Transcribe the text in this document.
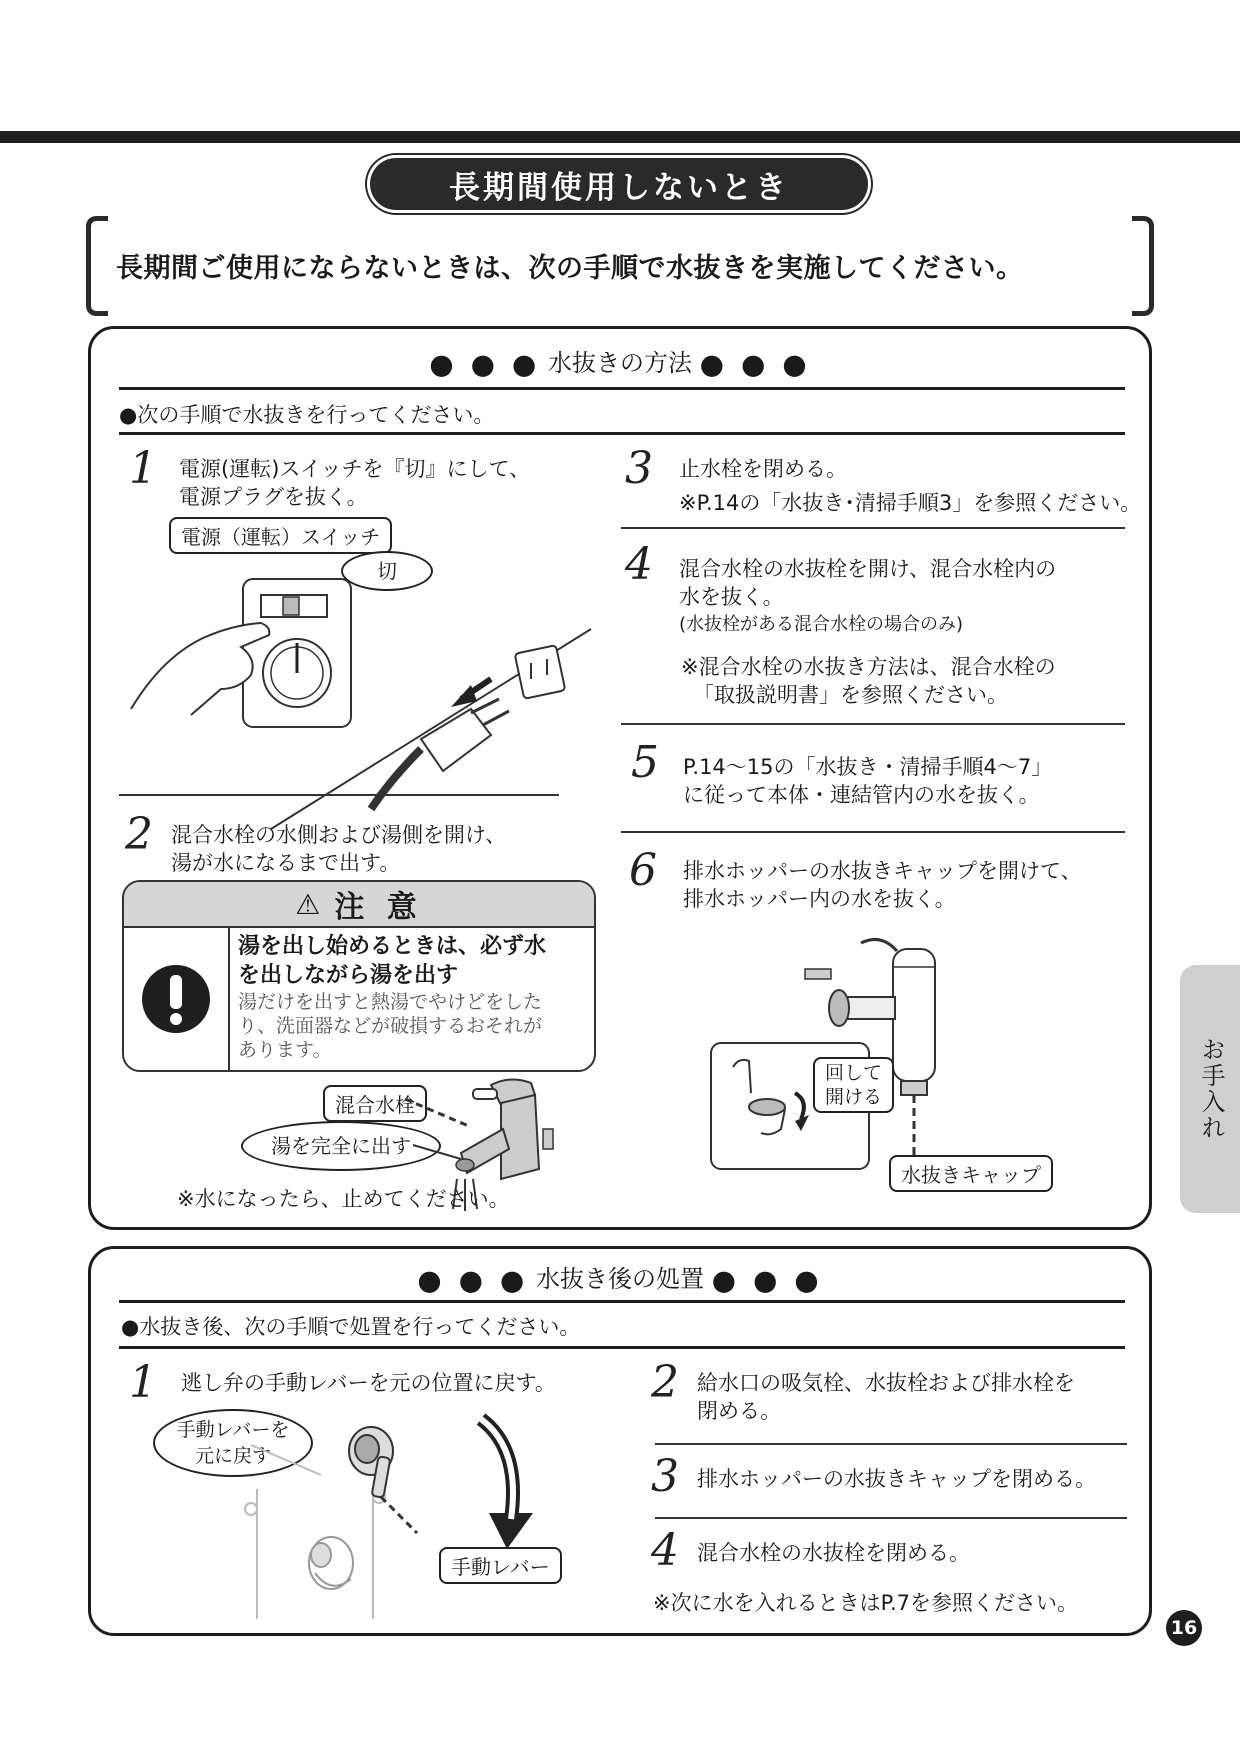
長期間使用しないとき
長期間ご使用にならないときは、次の手順で水抜きを実施してください。
● ● ● 水抜きの方法 ● ● ●
●次の手順で水抜きを行ってください。
1 電源(運転)スイッチを『切』にして、
電源プラグを抜く。
電源（運転）スイッチ
切
2 混合水栓の水側および湯側を開け、
湯が水になるまで出す。
混合水栓
湯を完全に出す
※水になったら、止めてください。
3 止水栓を閉める。
※P.14の「水抜き･清掃手順3」を参照ください。
4 混合水栓の水抜栓を開け、混合水栓内の
水を抜く。
(水抜栓がある混合水栓の場合のみ)
※混合水栓の水抜き方法は、混合水栓の
「取扱説明書」を参照ください。
5 P.14〜15の「水抜き・清掃手順4〜7」
に従って本体・連結管内の水を抜く。
6 排水ホッパーの水抜きキャップを開けて、
排水ホッパー内の水を抜く。
回して
開ける
水抜きキャップ
⚠ 注 意
湯を出し始めるときは、必ず水
を出しながら湯を出す
湯だけを出すと熱湯でやけどをした
り、洗面器などが破損するおそれが
あります。
● ● ● 水抜き後の処置 ● ● ●
●水抜き後、次の手順で処置を行ってください。
1 逃し弁の手動レバーを元の位置に戻す。
手動レバーを
元に戻す
手動レバー
2 給水口の吸気栓、水抜栓および排水栓を
閉める。
3 排水ホッパーの水抜きキャップを閉める。
4 混合水栓の水抜栓を閉める。
※次に水を入れるときはP.7を参照ください。
お手入れ
16
